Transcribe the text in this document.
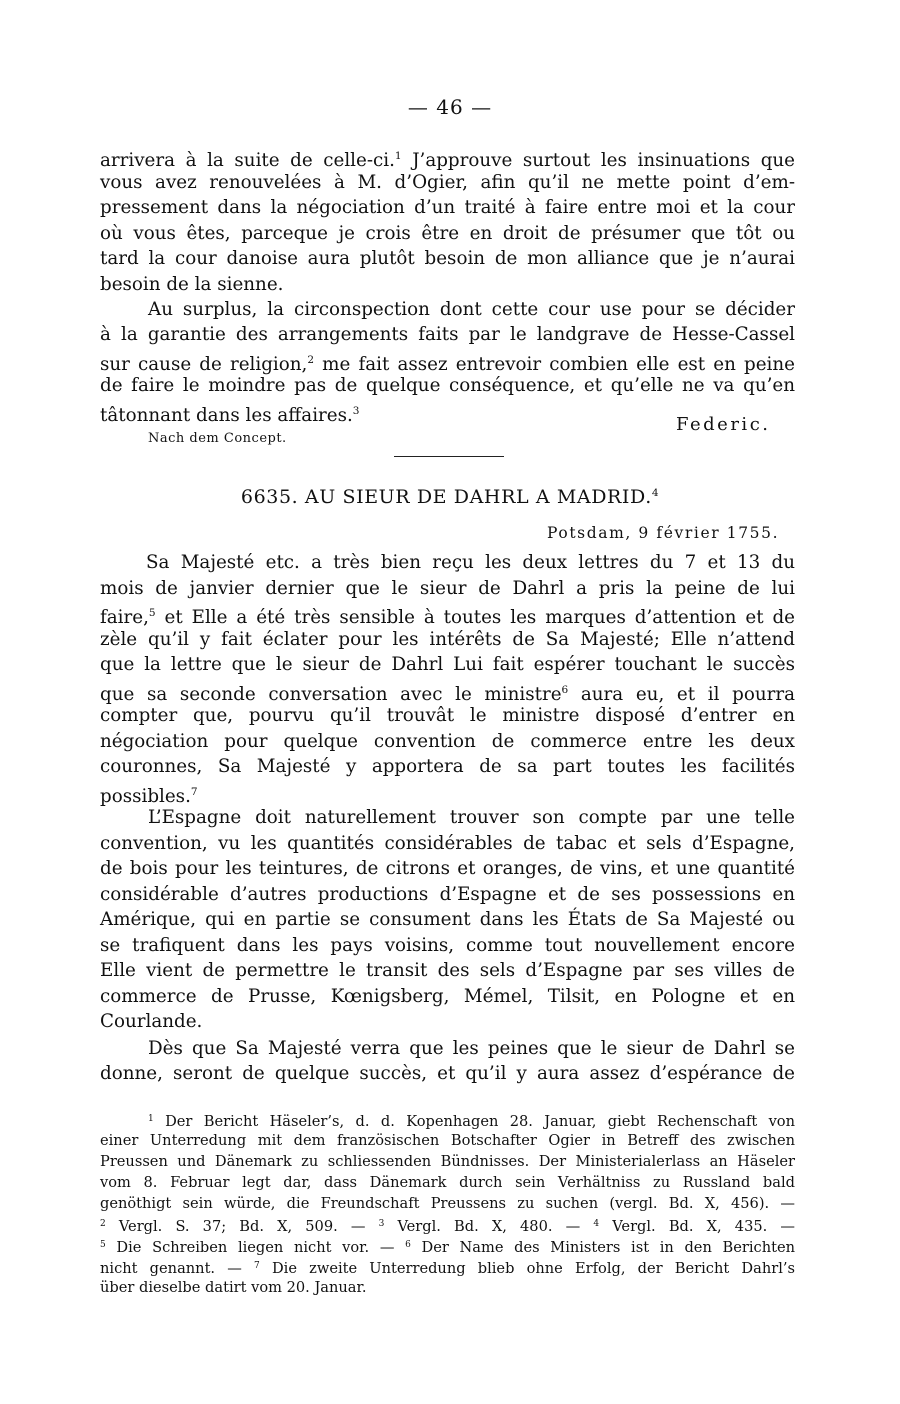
— 46 —
arrivera à la suite de celle-ci.$^1$ J’approuve surtout les insinuations que
vous avez renouvelées à M. d’Ogier, afin qu’il ne mette point d’em-
pressement dans la négociation d’un traité à faire entre moi et la cour
où vous êtes, parceque je crois être en droit de présumer que tôt ou
tard la cour danoise aura plutôt besoin de mon alliance que je n’aurai
besoin de la sienne.
Au surplus, la circonspection dont cette cour use pour se décider
à la garantie des arrangements faits par le landgrave de Hesse-Cassel
sur cause de religion,$^2$ me fait assez entrevoir combien elle est en peine
de faire le moindre pas de quelque conséquence, et qu’elle ne va qu’en
tâtonnant dans les affaires.$^3$
Federic.
Nach dem Concept.
6635. AU SIEUR DE DAHRL A MADRID.$^4$
Potsdam, 9 février 1755.
Sa Majesté etc. a très bien reçu les deux lettres du 7 et 13 du
mois de janvier dernier que le sieur de Dahrl a pris la peine de lui
faire,$^5$ et Elle a été très sensible à toutes les marques d’attention et de
zèle qu’il y fait éclater pour les intérêts de Sa Majesté; Elle n’attend
que la lettre que le sieur de Dahrl Lui fait espérer touchant le succès
que sa seconde conversation avec le ministre$^6$ aura eu, et il pourra
compter que, pourvu qu’il trouvât le ministre disposé d’entrer en
négociation pour quelque convention de commerce entre les deux
couronnes, Sa Majesté y apportera de sa part toutes les facilités
possibles.$^7$
L’Espagne doit naturellement trouver son compte par une telle
convention, vu les quantités considérables de tabac et sels d’Espagne,
de bois pour les teintures, de citrons et oranges, de vins, et une quantité
considérable d’autres productions d’Espagne et de ses possessions en
Amérique, qui en partie se consument dans les États de Sa Majesté ou
se trafiquent dans les pays voisins, comme tout nouvellement encore
Elle vient de permettre le transit des sels d’Espagne par ses villes de
commerce de Prusse, Kœnigsberg, Mémel, Tilsit, en Pologne et en
Courlande.
Dès que Sa Majesté verra que les peines que le sieur de Dahrl se
donne, seront de quelque succès, et qu’il y aura assez d’espérance de
$^1$ Der Bericht Häseler’s, d. d. Kopenhagen 28. Januar, giebt Rechenschaft von
einer Unterredung mit dem französischen Botschafter Ogier in Betreff des zwischen
Preussen und Dänemark zu schliessenden Bündnisses. Der Ministerialerlass an Häseler
vom 8. Februar legt dar, dass Dänemark durch sein Verhältniss zu Russland bald
genöthigt sein würde, die Freundschaft Preussens zu suchen (vergl. Bd. X, 456). —
$^2$ Vergl. S. 37; Bd. X, 509. — $^3$ Vergl. Bd. X, 480. — $^4$ Vergl. Bd. X, 435. —
$^5$ Die Schreiben liegen nicht vor. — $^6$ Der Name des Ministers ist in den Berichten
nicht genannt. — $^7$ Die zweite Unterredung blieb ohne Erfolg, der Bericht Dahrl’s
über dieselbe datirt vom 20. Januar.
